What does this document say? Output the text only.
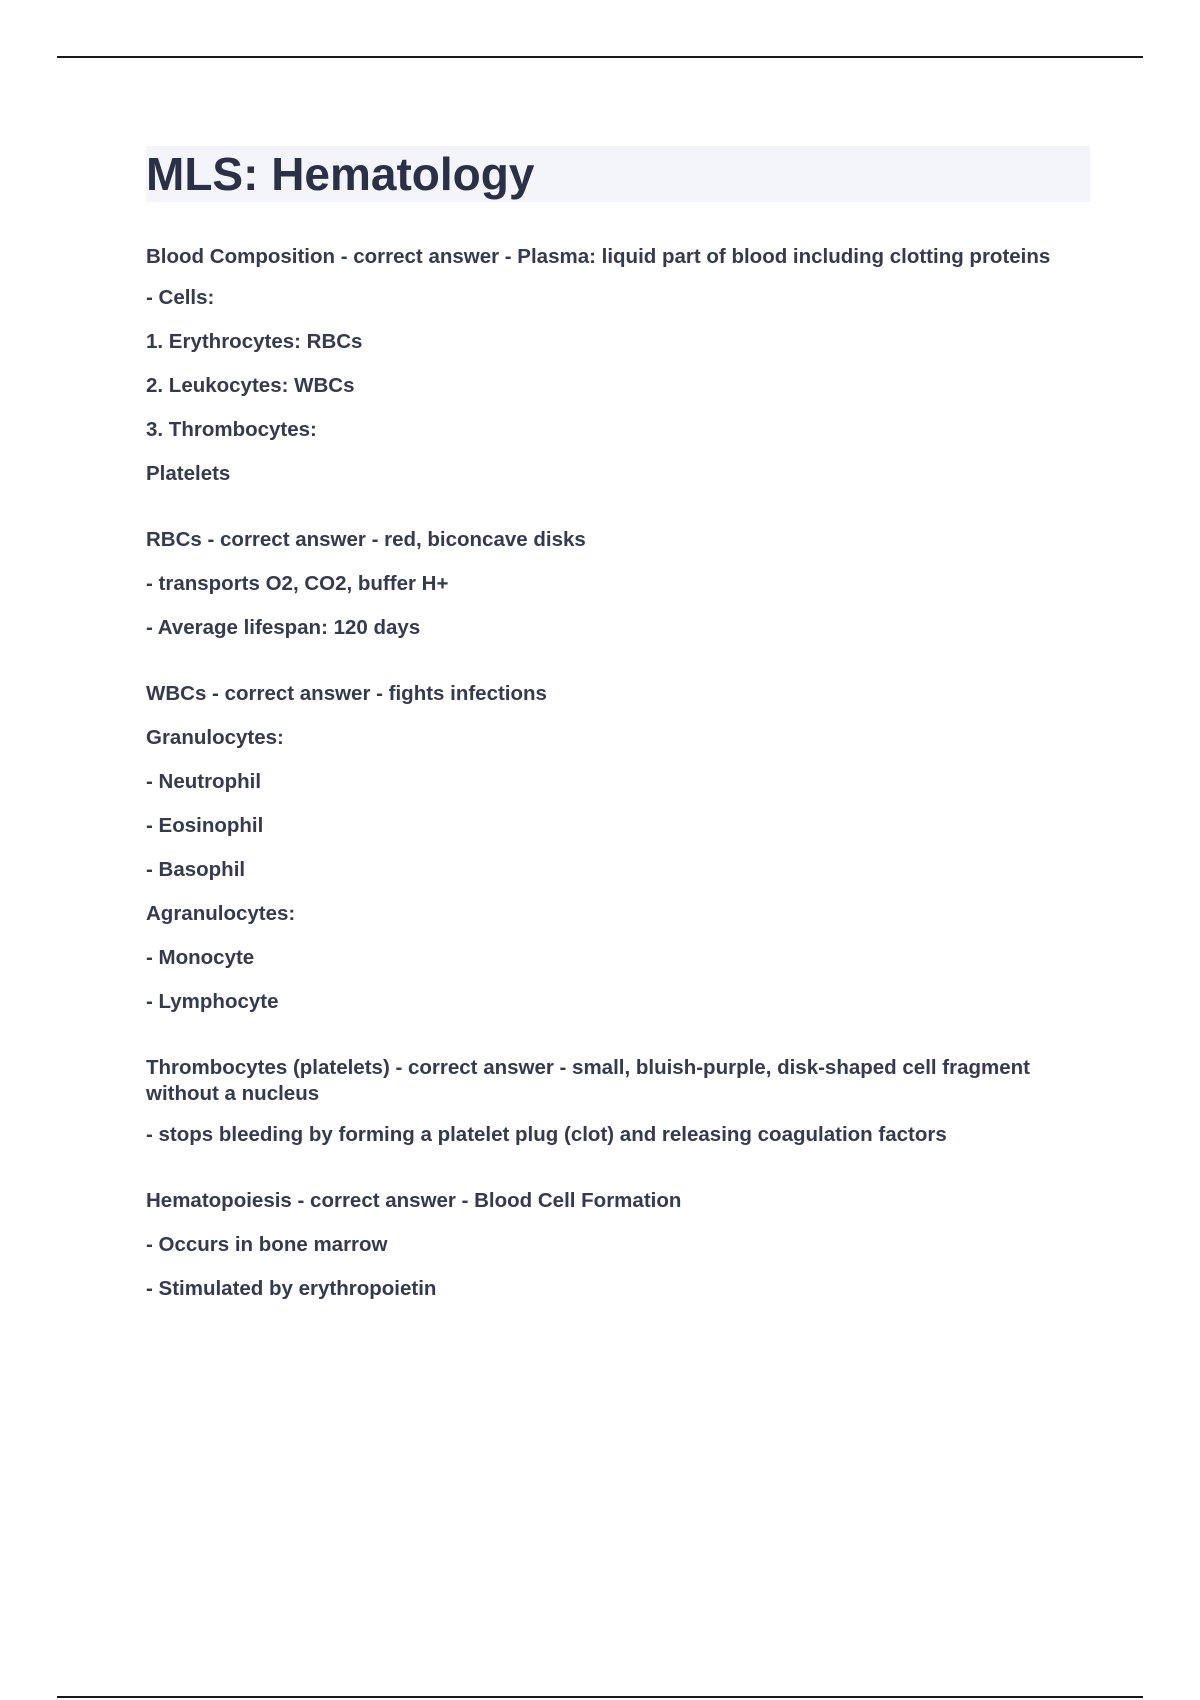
MLS: Hematology

Blood Composition - correct answer - Plasma: liquid part of blood including clotting proteins

- Cells:

1. Erythrocytes: RBCs

2. Leukocytes: WBCs

3. Thrombocytes:

Platelets

RBCs - correct answer - red, biconcave disks

- transports O2, CO2, buffer H+

- Average lifespan: 120 days

WBCs - correct answer - fights infections

Granulocytes:

- Neutrophil

- Eosinophil

- Basophil

Agranulocytes:

- Monocyte

- Lymphocyte

Thrombocytes (platelets) - correct answer - small, bluish-purple, disk-shaped cell fragment without a nucleus

- stops bleeding by forming a platelet plug (clot) and releasing coagulation factors

Hematopoiesis - correct answer - Blood Cell Formation

- Occurs in bone marrow

- Stimulated by erythropoietin
